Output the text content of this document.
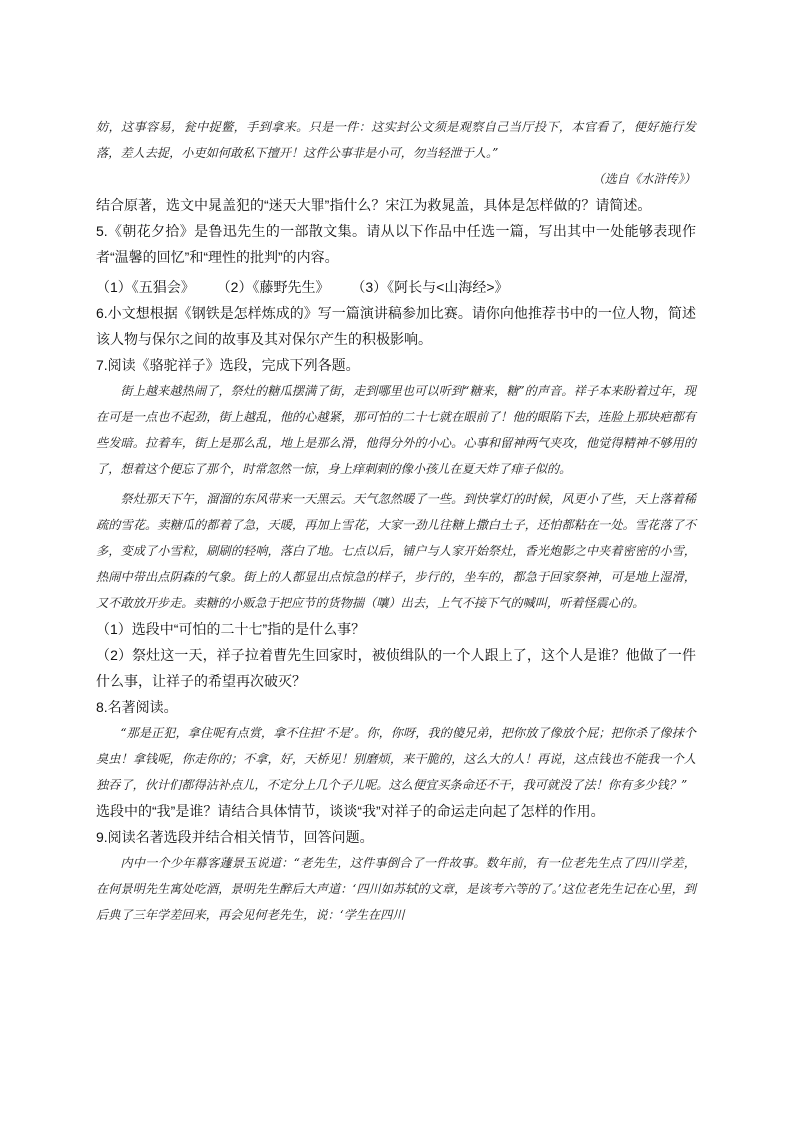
妨，这事容易，瓮中捉鳖，手到拿来。只是一件：这实封公文须是观察自己当厅投下，本官看了，便好施行发落，差人去捉，小吏如何敢私下擅开！这件公事非是小可，勿当轻泄于人。”
（选自《水浒传》）
结合原著，选文中晁盖犯的“迷天大罪”指什么？宋江为救晁盖，具体是怎样做的？请简述。
5.《朝花夕拾》是鲁迅先生的一部散文集。请从以下作品中任选一篇，写出其中一处能够表现作者“温馨的回忆”和“理性的批判”的内容。
（1）《五猖会》 （2）《藤野先生》 （3）《阿长与<山海经>》
6.小文想根据《钢铁是怎样炼成的》写一篇演讲稿参加比赛。请你向他推荐书中的一位人物，简述该人物与保尔之间的故事及其对保尔产生的积极影响。
7.阅读《骆驼祥子》选段，完成下列各题。
街上越来越热闹了，祭灶的糖瓜摆满了街，走到哪里也可以听到“糖来，糖”的声音。祥子本来盼着过年，现在可是一点也不起劲，街上越乱，他的心越紧，那可怕的二十七就在眼前了！他的眼陷下去，连脸上那块疤都有些发暗。拉着车，街上是那么乱，地上是那么滑，他得分外的小心。心事和留神两气夹攻，他觉得精神不够用的了，想着这个便忘了那个，时常忽然一惊，身上痒刺刺的像小孩儿在夏天炸了痱子似的。
祭灶那天下午，溜溜的东风带来一天黑云。天气忽然暖了一些。到快掌灯的时候，风更小了些，天上落着稀疏的雪花。卖糖瓜的都着了急，天暖，再加上雪花，大家一劲儿往糖上撒白土子，还怕都粘在一处。雪花落了不多，变成了小雪粒，刷刷的轻响，落白了地。七点以后，铺户与人家开始祭灶，香光炮影之中夹着密密的小雪，热闹中带出点阴森的气象。街上的人都显出点惊急的样子，步行的，坐车的，都急于回家祭神，可是地上湿滑，又不敢放开步走。卖糖的小贩急于把应节的货物揣（嚷）出去，上气不接下气的喊叫，听着怪震心的。
（1）选段中“可怕的二十七”指的是什么事？
（2）祭灶这一天，祥子拉着曹先生回家时，被侦缉队的一个人跟上了，这个人是谁？他做了一件什么事，让祥子的希望再次破灭？
8.名著阅读。
“那是正犯，拿住呢有点赏，拿不住担‘不是’。你，你呀，我的傻兄弟，把你放了像放个屁；把你杀了像抹个臭虫！拿钱呢，你走你的；不拿，好，天桥见！别磨烦，来干脆的，这么大的人！再说，这点钱也不能我一个人独吞了，伙计们都得沾补点儿，不定分上几个子儿呢。这么便宜买条命还不干，我可就没了法！你有多少钱？”
选段中的“我”是谁？请结合具体情节，谈谈“我”对祥子的命运走向起了怎样的作用。
9.阅读名著选段并结合相关情节，回答问题。
内中一个少年幕客蘧景玉说道：“老先生，这件事倒合了一件故事。数年前，有一位老先生点了四川学差，在何景明先生寓处吃酒，景明先生醉后大声道：‘四川如苏轼的文章，是该考六等的了。’这位老先生记在心里，到后典了三年学差回来，再会见何老先生，说：‘学生在四川
